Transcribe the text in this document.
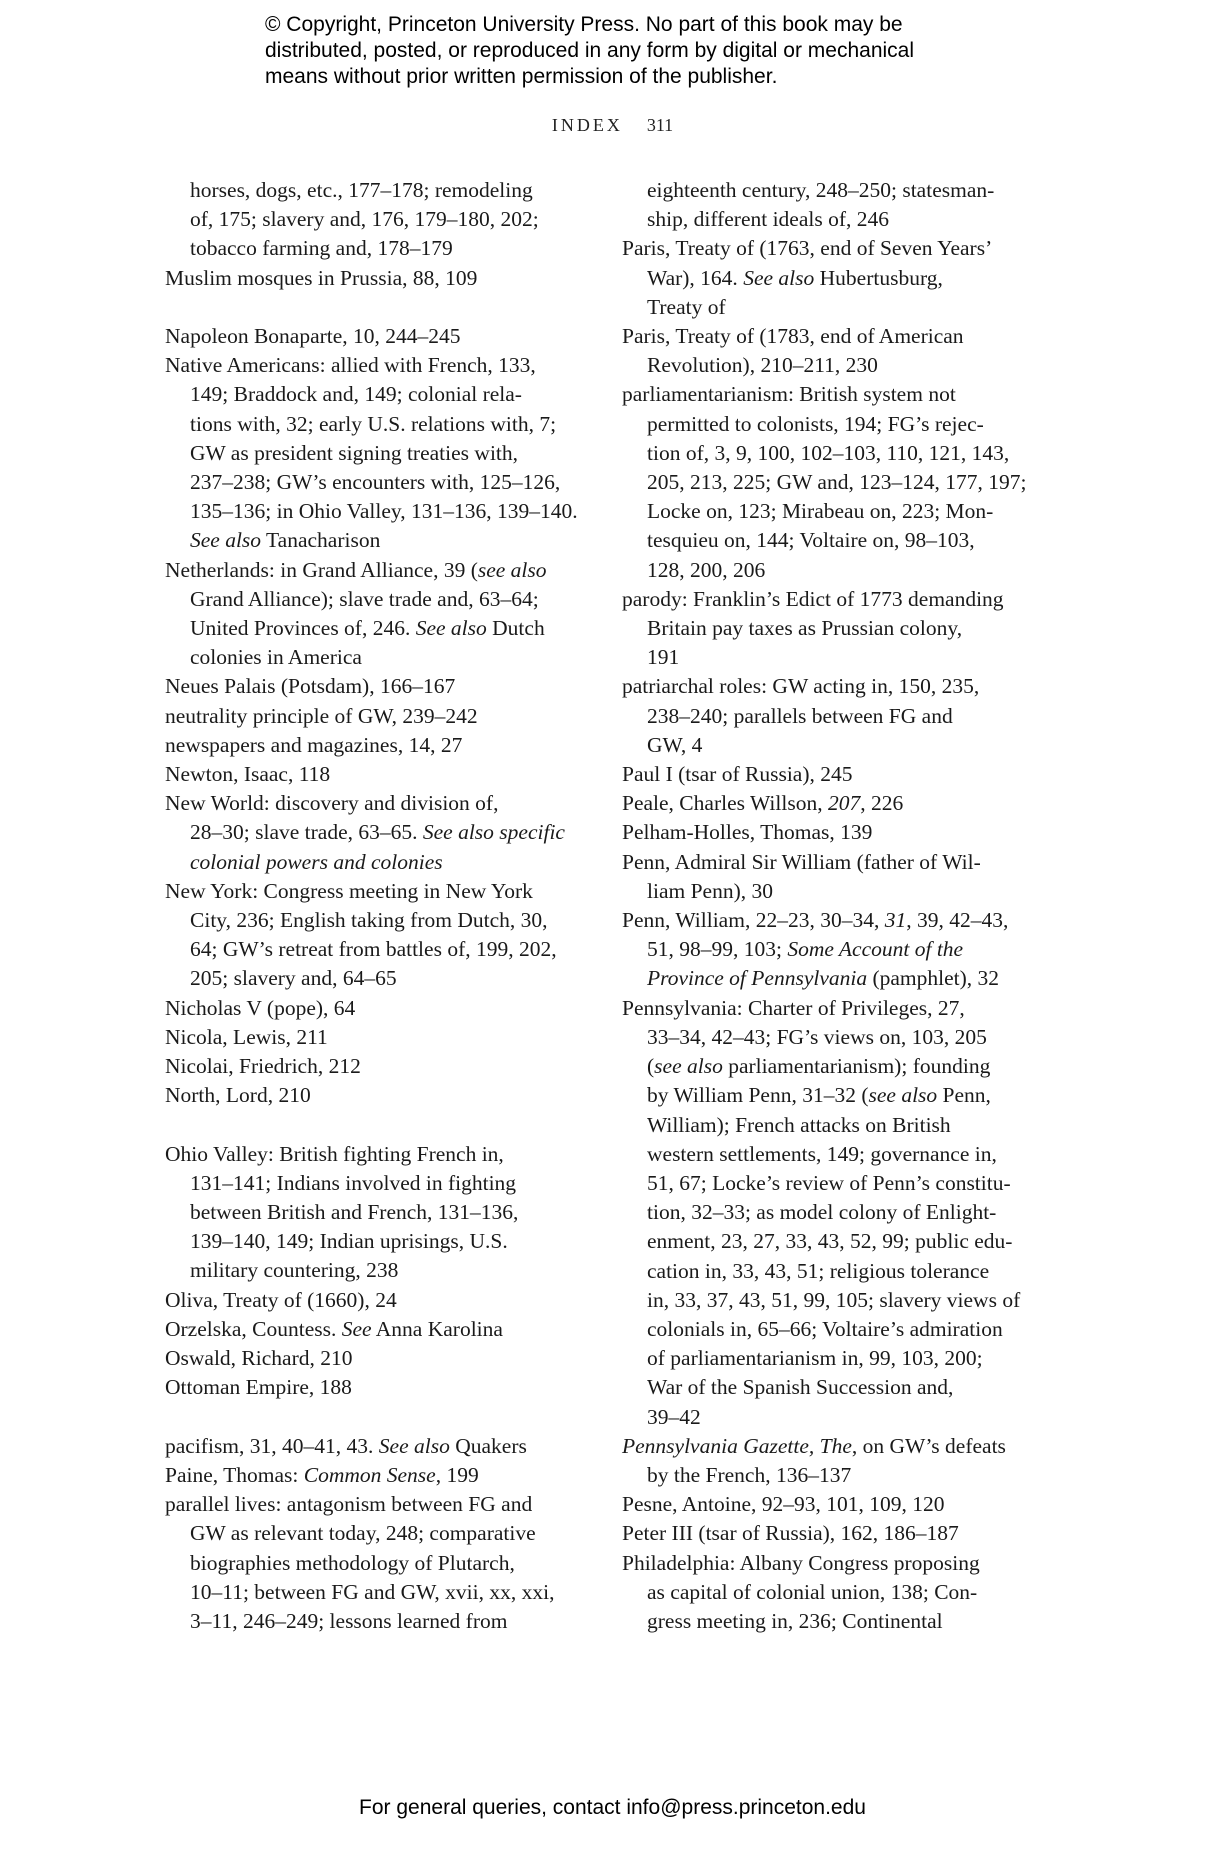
© Copyright, Princeton University Press. No part of this book may be
distributed, posted, or reproduced in any form by digital or mechanical
means without prior written permission of the publisher.
INDEX 311
horses, dogs, etc., 177–178; remodeling
of, 175; slavery and, 176, 179–180, 202;
tobacco farming and, 178–179
Muslim mosques in Prussia, 88, 109
Napoleon Bonaparte, 10, 244–245
Native Americans: allied with French, 133,
149; Braddock and, 149; colonial rela-
tions with, 32; early U.S. relations with, 7;
GW as president signing treaties with,
237–238; GW’s encounters with, 125–126,
135–136; in Ohio Valley, 131–136, 139–140.
See also Tanacharison
Netherlands: in Grand Alliance, 39 (see also
Grand Alliance); slave trade and, 63–64;
United Provinces of, 246. See also Dutch
colonies in America
Neues Palais (Potsdam), 166–167
neutrality principle of GW, 239–242
newspapers and magazines, 14, 27
Newton, Isaac, 118
New World: discovery and division of,
28–30; slave trade, 63–65. See also specific
colonial powers and colonies
New York: Congress meeting in New York
City, 236; English taking from Dutch, 30,
64; GW’s retreat from battles of, 199, 202,
205; slavery and, 64–65
Nicholas V (pope), 64
Nicola, Lewis, 211
Nicolai, Friedrich, 212
North, Lord, 210
Ohio Valley: British fighting French in,
131–141; Indians involved in fighting
between British and French, 131–136,
139–140, 149; Indian uprisings, U.S.
military countering, 238
Oliva, Treaty of (1660), 24
Orzelska, Countess. See Anna Karolina
Oswald, Richard, 210
Ottoman Empire, 188
pacifism, 31, 40–41, 43. See also Quakers
Paine, Thomas: Common Sense, 199
parallel lives: antagonism between FG and
GW as relevant today, 248; comparative
biographies methodology of Plutarch,
10–11; between FG and GW, xvii, xx, xxi,
3–11, 246–249; lessons learned from
eighteenth century, 248–250; statesman-
ship, different ideals of, 246
Paris, Treaty of (1763, end of Seven Years’
War), 164. See also Hubertusburg,
Treaty of
Paris, Treaty of (1783, end of American
Revolution), 210–211, 230
parliamentarianism: British system not
permitted to colonists, 194; FG’s rejec-
tion of, 3, 9, 100, 102–103, 110, 121, 143,
205, 213, 225; GW and, 123–124, 177, 197;
Locke on, 123; Mirabeau on, 223; Mon-
tesquieu on, 144; Voltaire on, 98–103,
128, 200, 206
parody: Franklin’s Edict of 1773 demanding
Britain pay taxes as Prussian colony,
191
patriarchal roles: GW acting in, 150, 235,
238–240; parallels between FG and
GW, 4
Paul I (tsar of Russia), 245
Peale, Charles Willson, 207, 226
Pelham-Holles, Thomas, 139
Penn, Admiral Sir William (father of Wil-
liam Penn), 30
Penn, William, 22–23, 30–34, 31, 39, 42–43,
51, 98–99, 103; Some Account of the
Province of Pennsylvania (pamphlet), 32
Pennsylvania: Charter of Privileges, 27,
33–34, 42–43; FG’s views on, 103, 205
(see also parliamentarianism); founding
by William Penn, 31–32 (see also Penn,
William); French attacks on British
western settlements, 149; governance in,
51, 67; Locke’s review of Penn’s constitu-
tion, 32–33; as model colony of Enlight-
enment, 23, 27, 33, 43, 52, 99; public edu-
cation in, 33, 43, 51; religious tolerance
in, 33, 37, 43, 51, 99, 105; slavery views of
colonials in, 65–66; Voltaire’s admiration
of parliamentarianism in, 99, 103, 200;
War of the Spanish Succession and,
39–42
Pennsylvania Gazette, The, on GW’s defeats
by the French, 136–137
Pesne, Antoine, 92–93, 101, 109, 120
Peter III (tsar of Russia), 162, 186–187
Philadelphia: Albany Congress proposing
as capital of colonial union, 138; Con-
gress meeting in, 236; Continental
For general queries, contact info@press.princeton.edu
